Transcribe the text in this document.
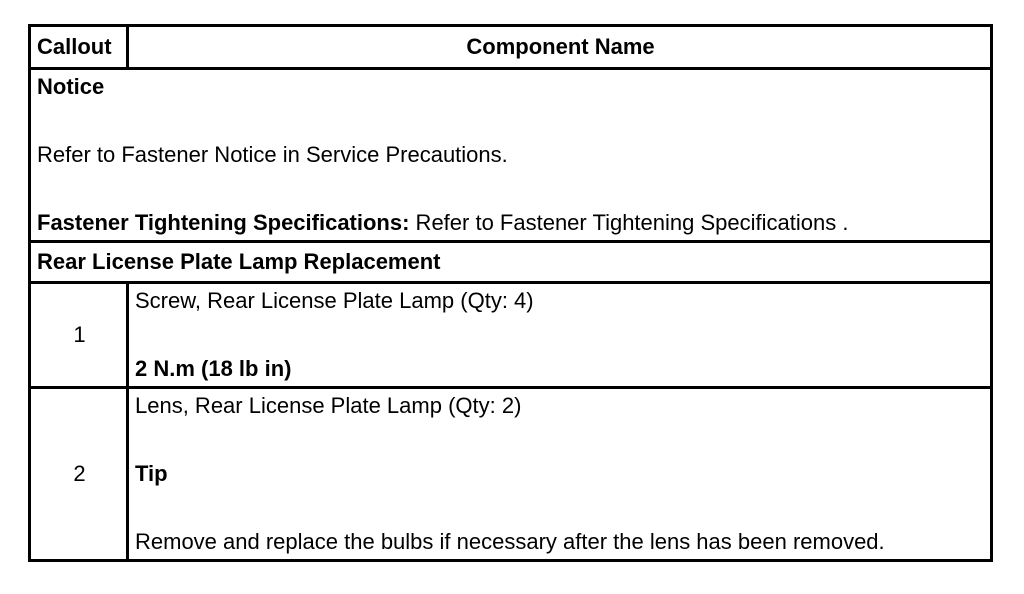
Callout	Component Name

Notice
Refer to Fastener Notice in Service Precautions.
Fastener Tightening Specifications: Refer to Fastener Tightening Specifications .	

Rear License Plate Lamp Replacement	
1	Screw, Rear License Plate Lamp (Qty: 4)
2 N.m (18 lb in)

2	Lens, Rear License Plate Lamp (Qty: 2)
Tip
Remove and replace the bulbs if necessary after the lens has been removed.
